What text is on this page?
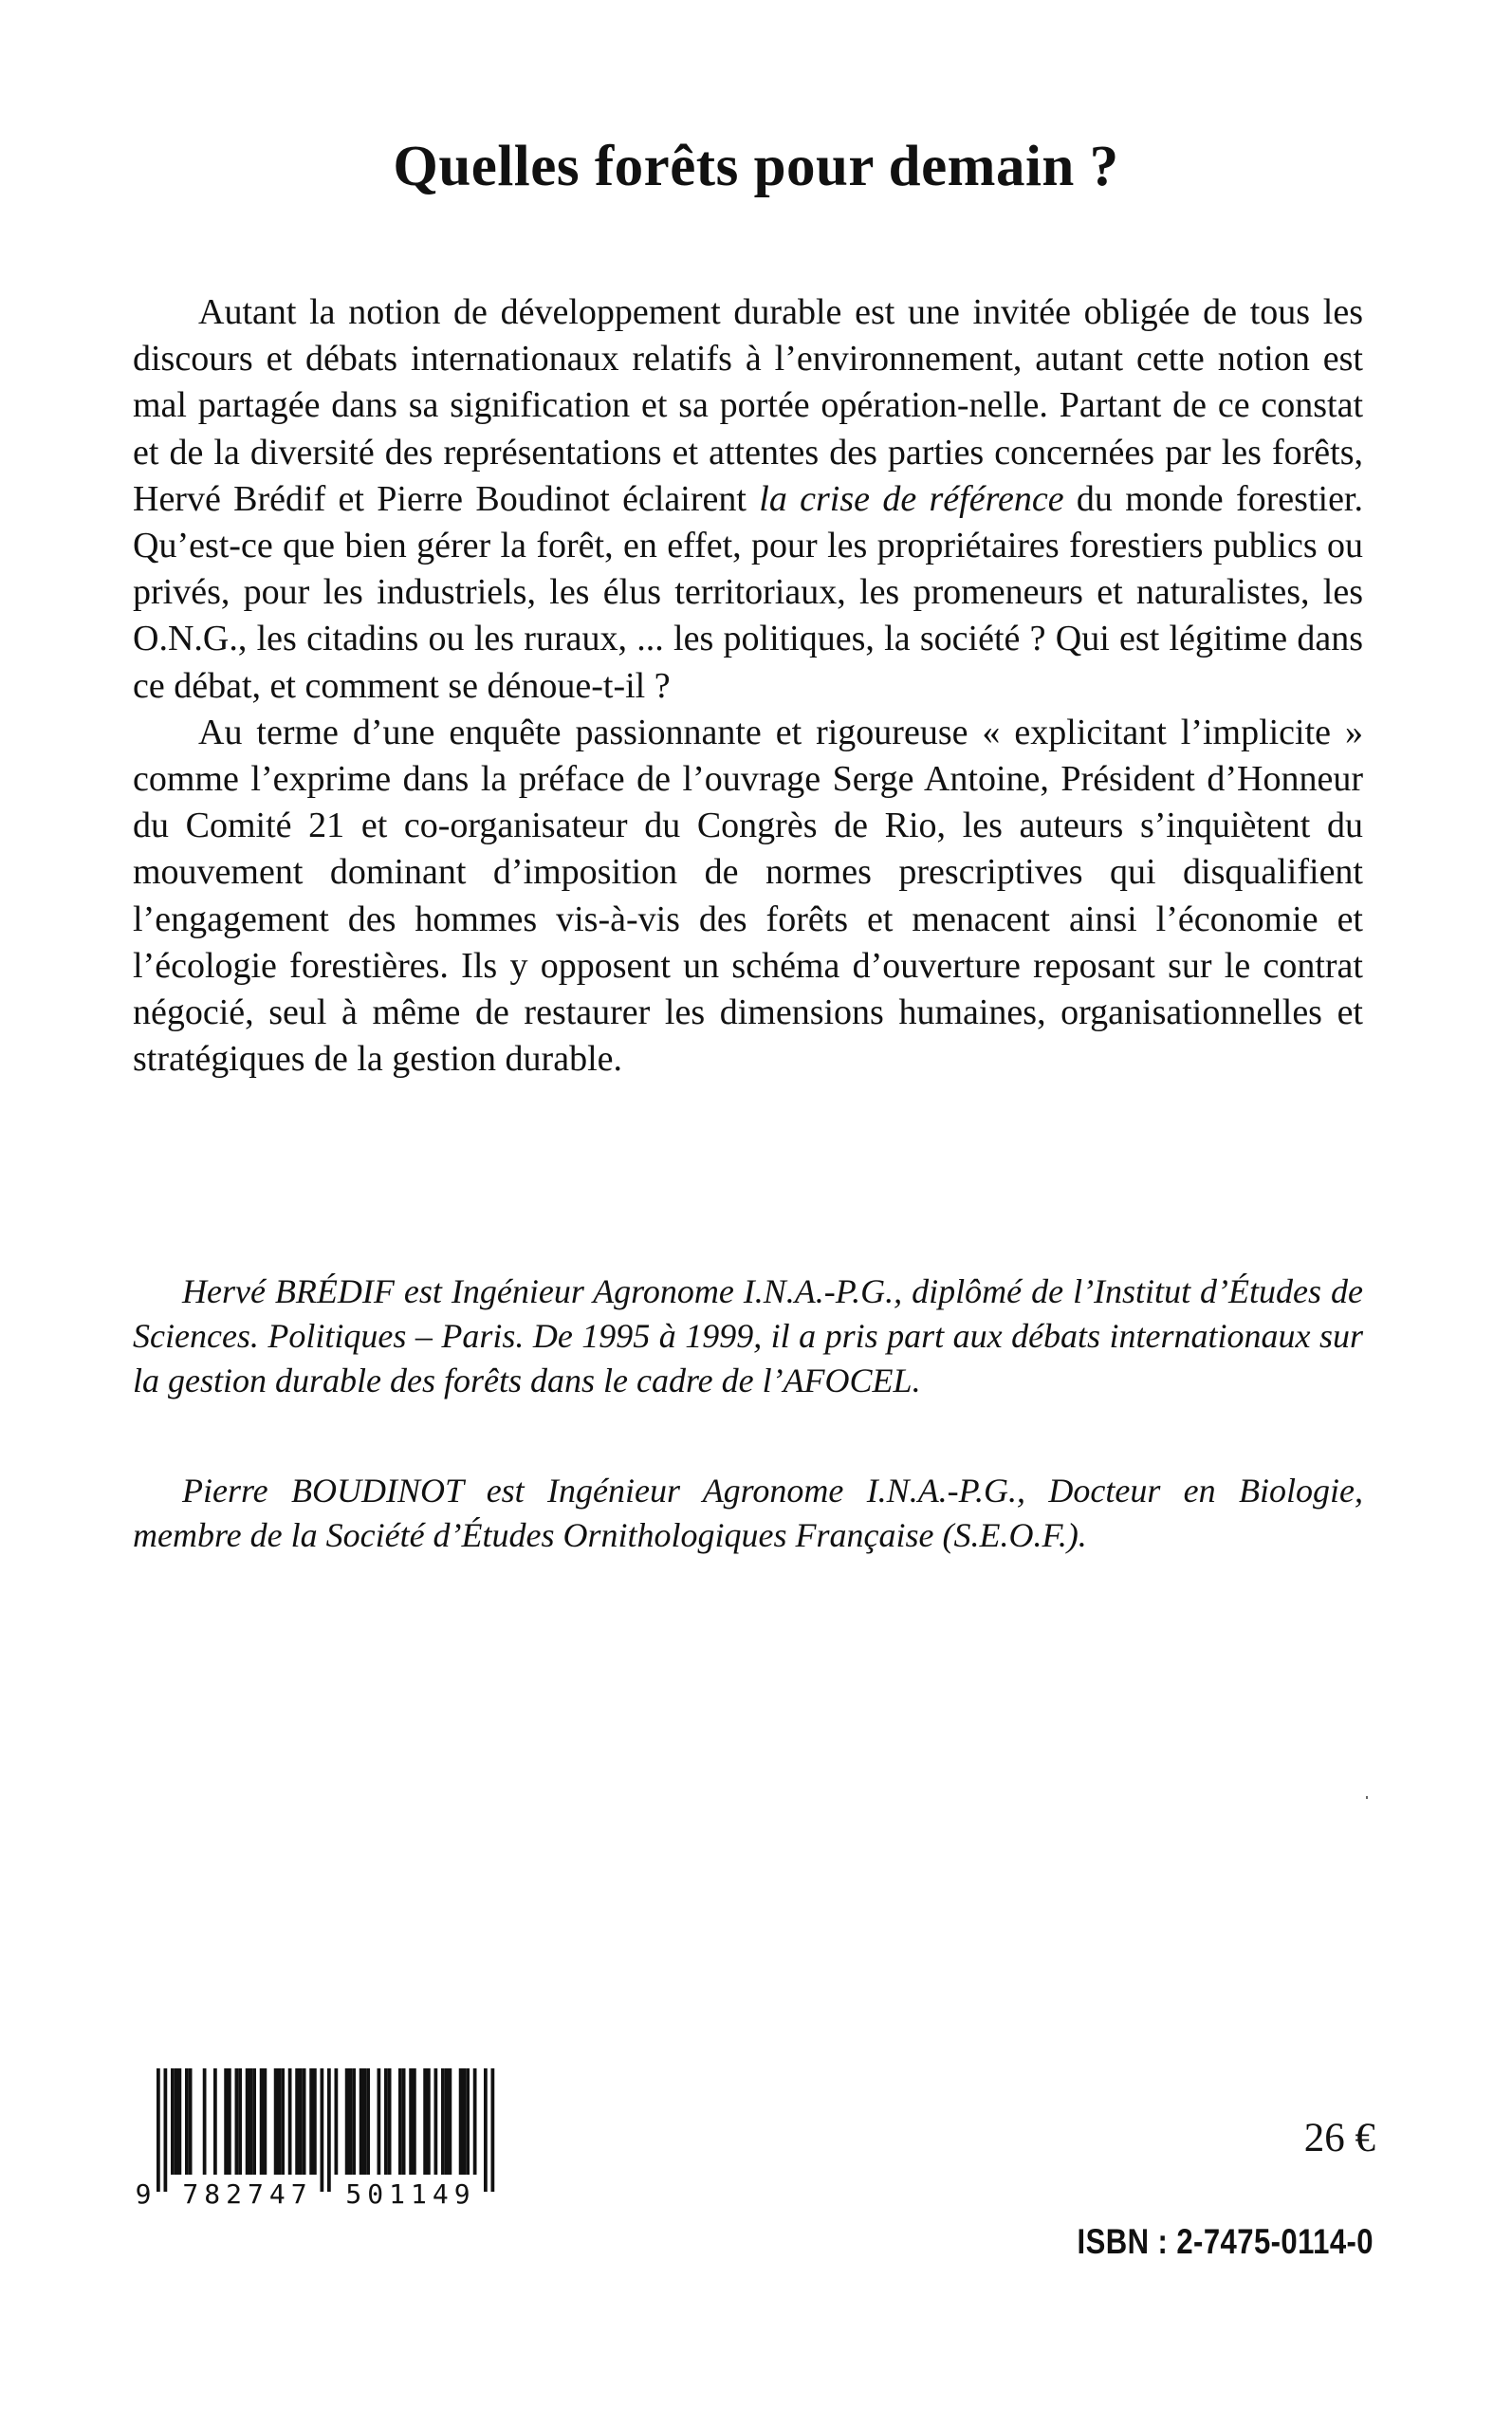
Quelles forêts pour demain ?

Autant la notion de développement durable est une invitée obligée de tous les discours et débats internationaux relatifs à l’environnement, autant cette notion est mal partagée dans sa signification et sa portée opération-nelle. Partant de ce constat et de la diversité des représentations et attentes des parties concernées par les forêts, Hervé Brédif et Pierre Boudinot éclairent la crise de référence du monde forestier. Qu’est-ce que bien gérer la forêt, en effet, pour les propriétaires forestiers publics ou privés, pour les industriels, les élus territoriaux, les promeneurs et naturalistes, les O.N.G., les citadins ou les ruraux, ... les politiques, la société ? Qui est légitime dans ce débat, et comment se dénoue-t-il ?

Au terme d’une enquête passionnante et rigoureuse « explicitant l’implicite » comme l’exprime dans la préface de l’ouvrage Serge Antoine, Président d’Honneur du Comité 21 et co-organisateur du Congrès de Rio, les auteurs s’inquiètent du mouvement dominant d’imposition de normes prescriptives qui disqualifient l’engagement des hommes vis-à-vis des forêts et menacent ainsi l’économie et l’écologie forestières. Ils y opposent un schéma d’ouverture reposant sur le contrat négocié, seul à même de restaurer les dimensions humaines, organisationnelles et stratégiques de la gestion durable.

Hervé BRÉDIF est Ingénieur Agronome I.N.A.-P.G., diplômé de l’Institut d’Études de Sciences. Politiques – Paris. De 1995 à 1999, il a pris part aux débats internationaux sur la gestion durable des forêts dans le cadre de l’AFOCEL.

Pierre BOUDINOT est Ingénieur Agronome I.N.A.-P.G., Docteur en Biologie, membre de la Société d’Études Ornithologiques Française (S.E.O.F.).

9 782747 501149
26 €
ISBN : 2-7475-0114-0
